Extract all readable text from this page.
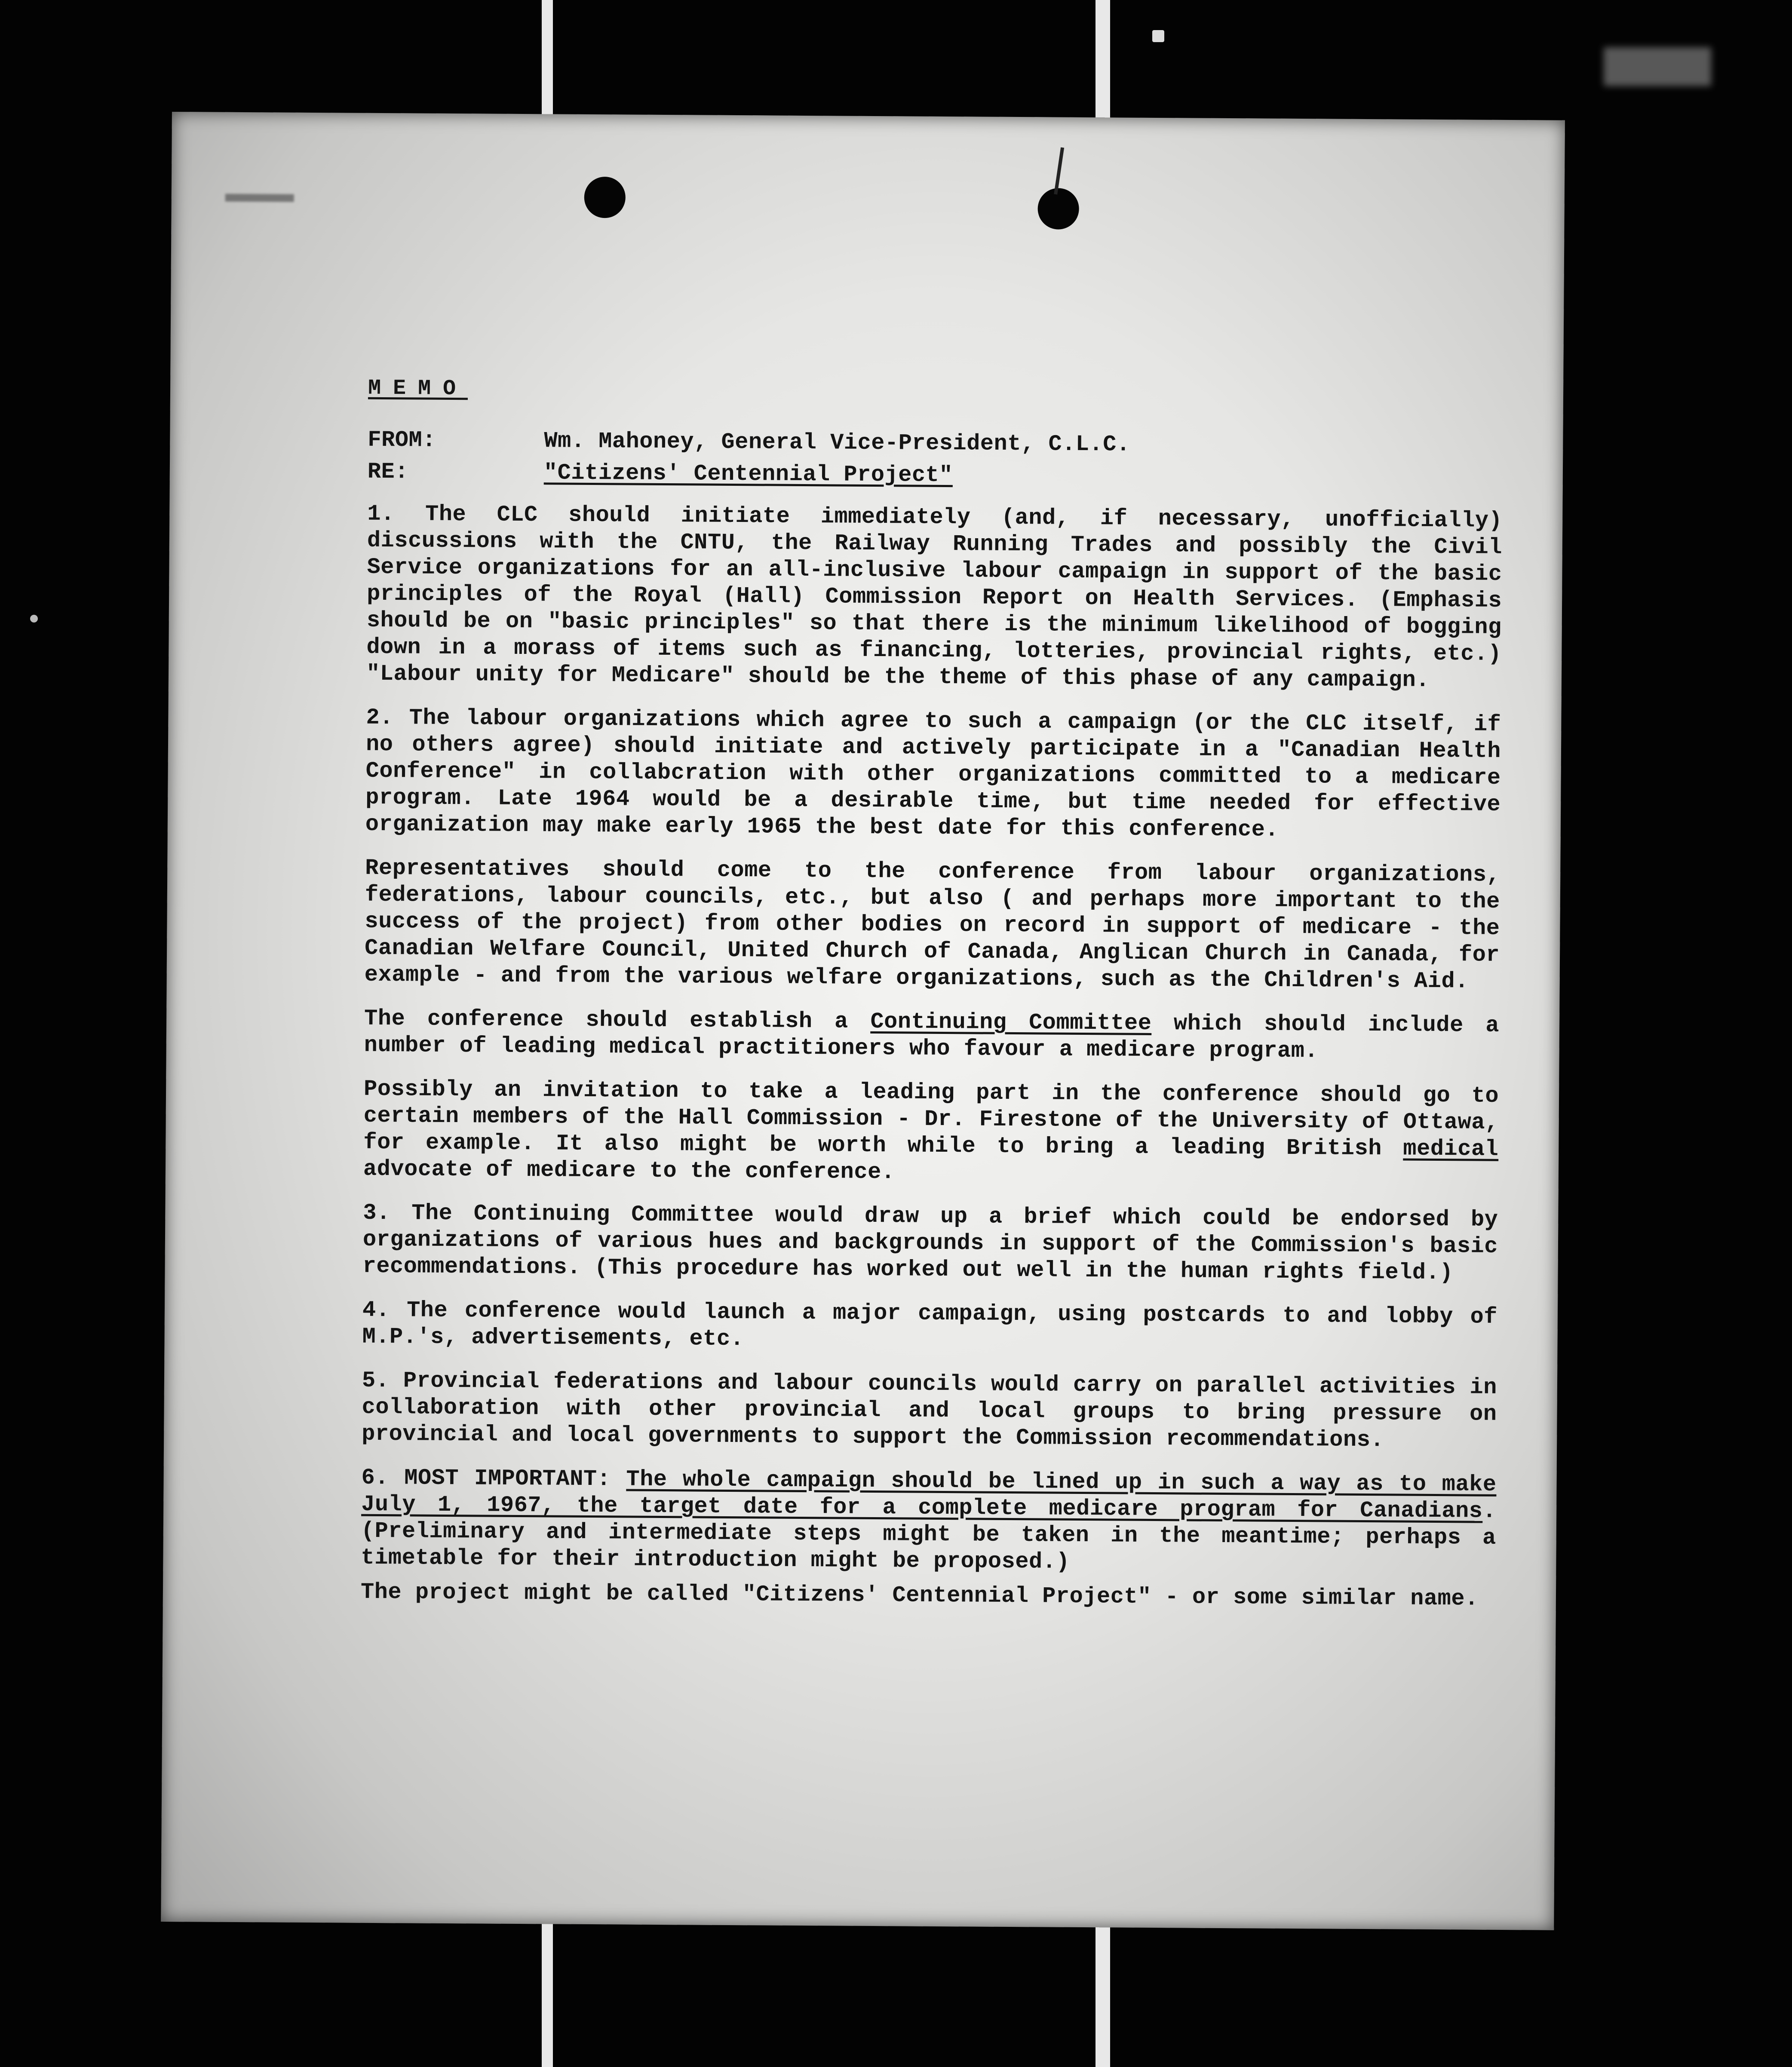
MEMO
FROM:	Wm. Mahoney, General Vice-President, C.L.C.
RE:	"Citizens' Centennial Project"

1. The CLC should initiate immediately (and, if necessary, unofficially) discussions with the CNTU, the Railway Running Trades and possibly the Civil Service organizations for an all-inclusive labour campaign in support of the basic principles of the Royal (Hall) Commission Report on Health Services. (Emphasis should be on "basic principles" so that there is the minimum likelihood of bogging down in a morass of items such as financing, lotteries, provincial rights, etc.) "Labour unity for Medicare" should be the theme of this phase of any campaign.

2. The labour organizations which agree to such a campaign (or the CLC itself, if no others agree) should initiate and actively participate in a "Canadian Health Conference" in collabcration with other organizations committed to a medicare program. Late 1964 would be a desirable time, but time needed for effective organization may make early 1965 the best date for this conference.

Representatives should come to the conference from labour organizations, federations, labour councils, etc., but also ( and perhaps more important to the success of the project) from other bodies on record in support of medicare - the Canadian Welfare Council, United Church of Canada, Anglican Church in Canada, for example - and from the various welfare organizations, such as the Children's Aid.

The conference should establish a Continuing Committee which should include a number of leading medical practitioners who favour a medicare program.

Possibly an invitation to take a leading part in the conference should go to certain members of the Hall Commission - Dr. Firestone of the University of Ottawa, for example. It also might be worth while to bring a leading British medical advocate of medicare to the conference.

3. The Continuing Committee would draw up a brief which could be endorsed by organizations of various hues and backgrounds in support of the Commission's basic recommendations. (This procedure has worked out well in the human rights field.)

4. The conference would launch a major campaign, using postcards to and lobby of M.P.'s, advertisements, etc.

5. Provincial federations and labour councils would carry on parallel activities in collaboration with other provincial and local groups to bring pressure on provincial and local governments to support the Commission recommendations.

6. MOST IMPORTANT: The whole campaign should be lined up in such a way as to make July 1, 1967, the target date for a complete medicare program for Canadians. (Preliminary and intermediate steps might be taken in the meantime; perhaps a timetable for their introduction might be proposed.)

The project might be called "Citizens' Centennial Project" - or some similar name.
